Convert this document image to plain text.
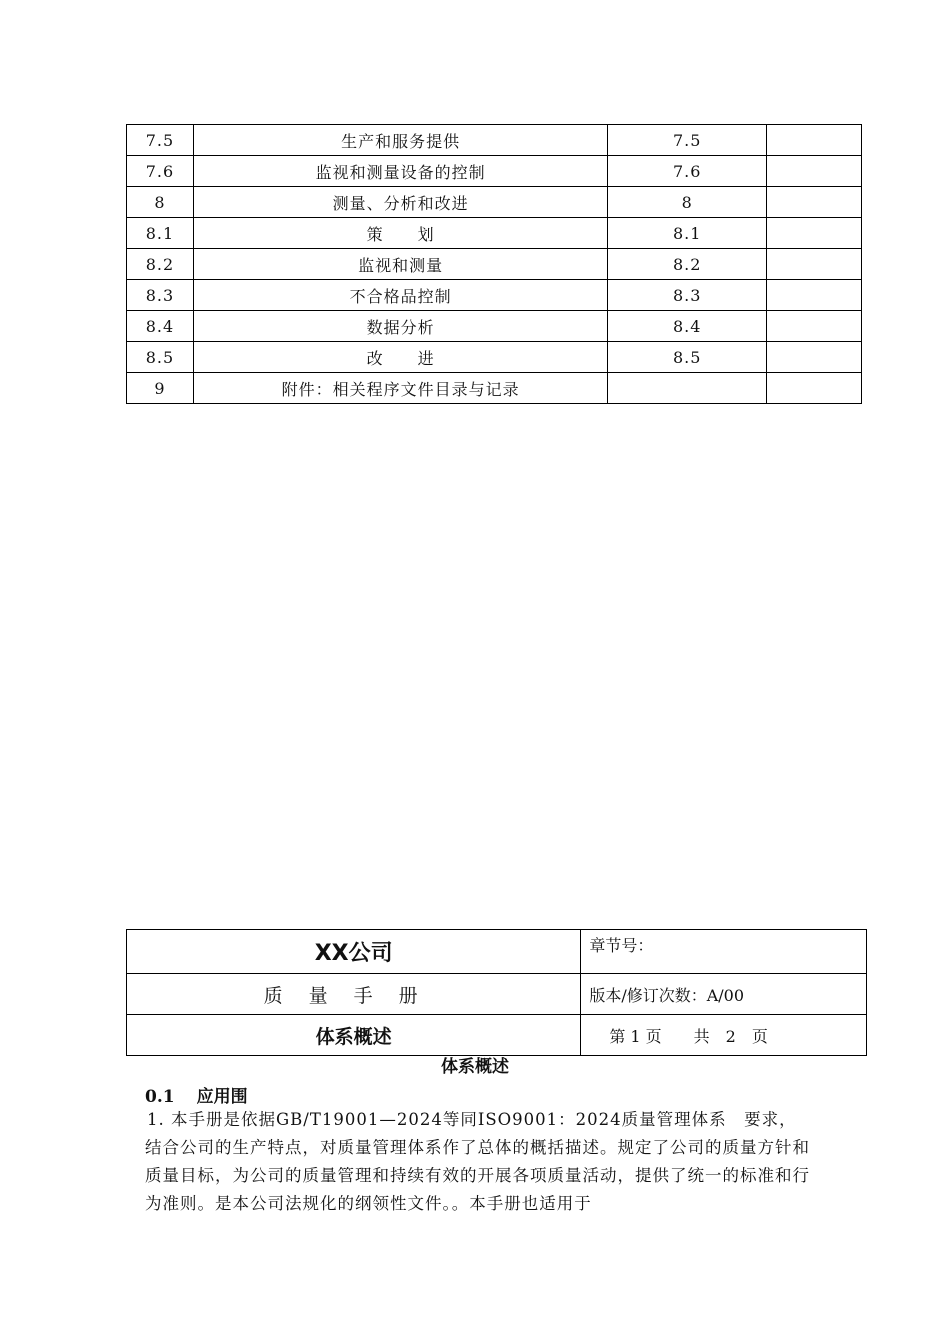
7.5	生产和服务提供	7.5	
7.6	监视和测量设备的控制	7.6	
8	测量、分析和改进	8	
8.1	策　　划	8.1	
8.2	监视和测量	8.2	
8.3	不合格品控制	8.3	
8.4	数据分析	8.4	
8.5	改　　进	8.5	
9	附件：相关程序文件目录与记录		
XX公司	章节号：
质量手册	版本/修订次数：A/00
体系概述	第 1 页　　共　2　页
体系概述
0.1 应用围
1. 本手册是依据GB/T19001—2024等同ISO9001：2024质量管理体系　要求，结合公司的生产特点，对质量管理体系作了总体的概括描述。规定了公司的质量方针和质量目标，为公司的质量管理和持续有效的开展各项质量活动，提供了统一的标准和行为准则。是本公司法规化的纲领性文件。。本手册也适用于
